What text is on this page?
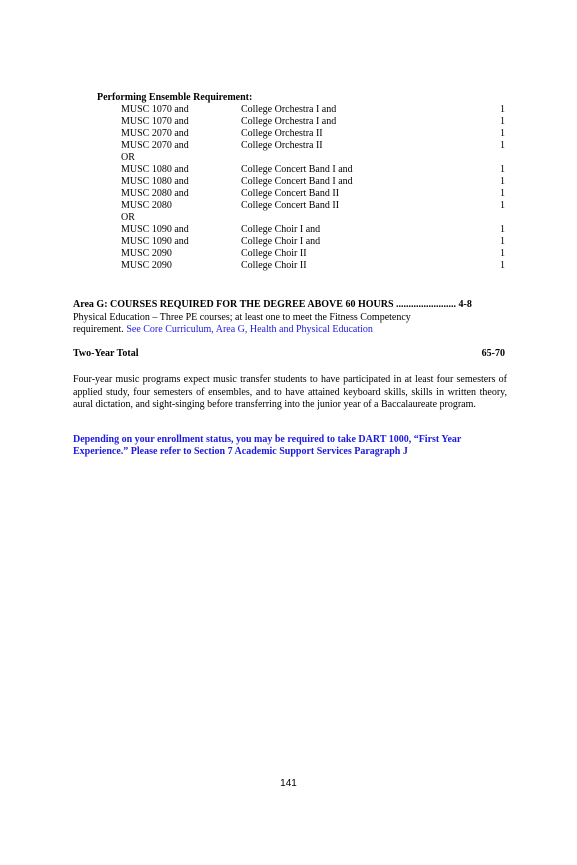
Performing Ensemble Requirement:
MUSC 1070 and	College Orchestra I and	1
MUSC 1070 and	College Orchestra I and	1
MUSC 2070 and	College Orchestra II	1
MUSC 2070 and	College Orchestra II	1
OR
MUSC 1080 and	College Concert Band I and	1
MUSC 1080 and	College Concert Band I and	1
MUSC 2080 and	College Concert Band II	1
MUSC 2080	College Concert Band II	1
OR
MUSC 1090 and	College Choir I and	1
MUSC 1090 and	College Choir I and	1
MUSC 2090	College Choir II	1
MUSC 2090	College Choir II	1
Area G: COURSES REQUIRED FOR THE DEGREE ABOVE 60 HOURS ........................ 4-8
Physical Education – Three PE courses; at least one to meet the Fitness Competency
requirement. See Core Curriculum, Area G, Health and Physical Education
Two-Year Total	65-70
Four-year music programs expect music transfer students to have participated in at least four semesters of applied study, four semesters of ensembles, and to have attained keyboard skills, skills in written theory, aural dictation, and sight-singing before transferring into the junior year of a Baccalaureate program.
Depending on your enrollment status, you may be required to take DART 1000, “First Year
Experience.” Please refer to Section 7 Academic Support Services Paragraph J
141
